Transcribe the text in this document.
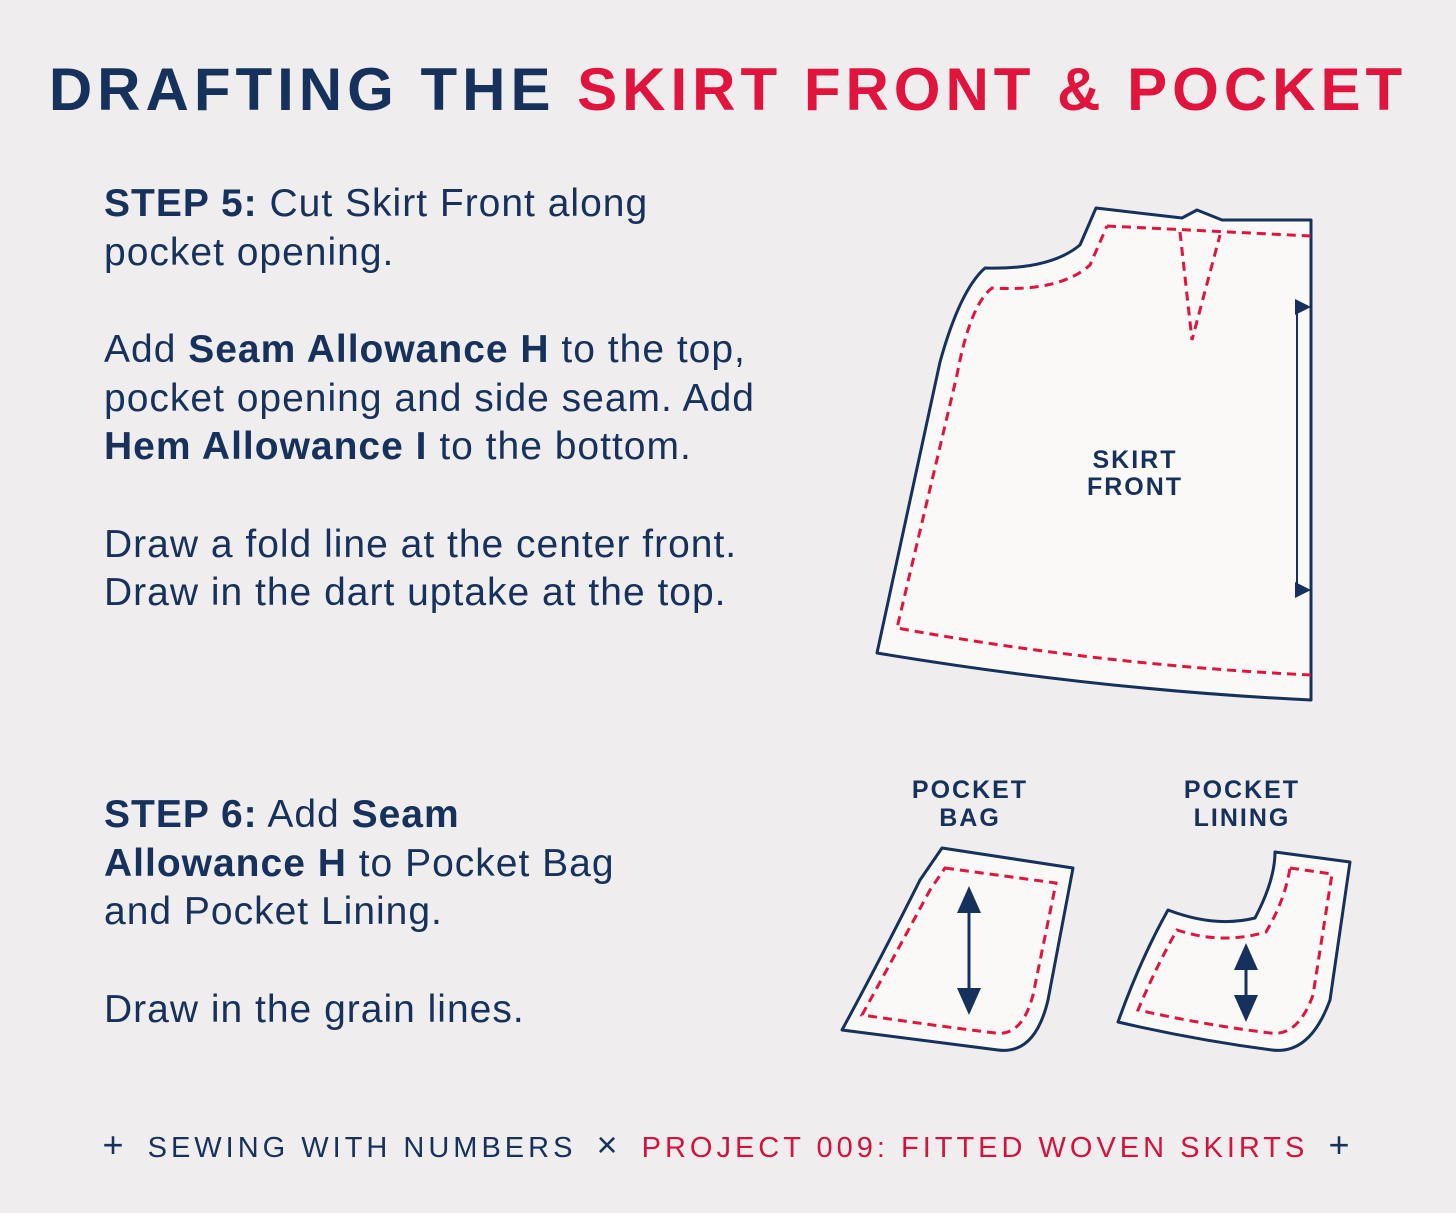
DRAFTING THE SKIRT FRONT & POCKET

STEP 5: Cut Skirt Front along pocket opening.

Add Seam Allowance H to the top, pocket opening and side seam. Add Hem Allowance I to the bottom.

Draw a fold line at the center front. Draw in the dart uptake at the top.

STEP 6: Add Seam Allowance H to Pocket Bag and Pocket Lining.

Draw in the grain lines.

SKIRT
FRONT
POCKET
BAG
POCKET
LINING
+ SEWING WITH NUMBERS × PROJECT 009: FITTED WOVEN SKIRTS +
